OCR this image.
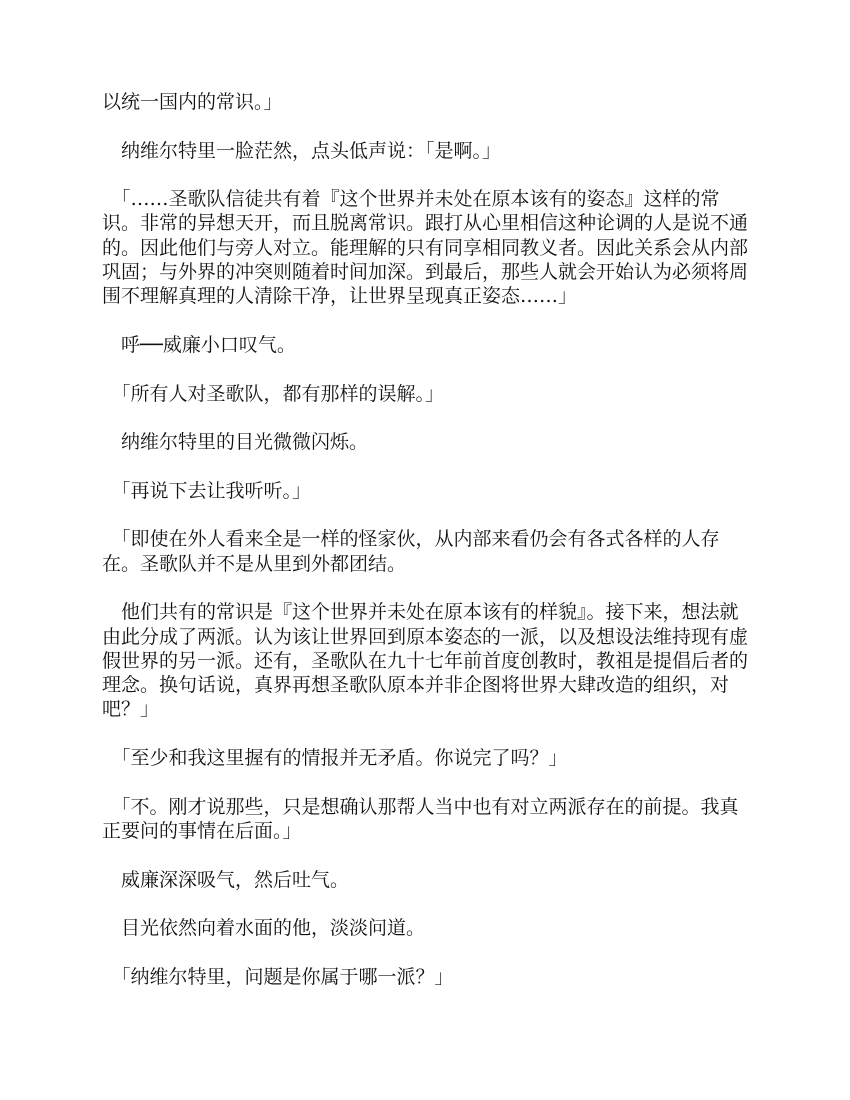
以统一国内的常识。」

　纳维尔特里一脸茫然，点头低声说：「是啊。」

　「……圣歌队信徒共有着『这个世界并未处在原本该有的姿态』这样的常识。非常的异想天开，而且脱离常识。跟打从心里相信这种论调的人是说不通的。因此他们与旁人对立。能理解的只有同享相同教义者。因此关系会从内部巩固；与外界的冲突则随着时间加深。到最后，那些人就会开始认为必须将周围不理解真理的人清除干净，让世界呈现真正姿态……」

　呼──威廉小口叹气。

　「所有人对圣歌队，都有那样的误解。」

　纳维尔特里的目光微微闪烁。

　「再说下去让我听听。」

　「即使在外人看来全是一样的怪家伙，从内部来看仍会有各式各样的人存在。圣歌队并不是从里到外都团结。

　他们共有的常识是『这个世界并未处在原本该有的样貌』。接下来，想法就由此分成了两派。认为该让世界回到原本姿态的一派，以及想设法维持现有虚假世界的另一派。还有，圣歌队在九十七年前首度创教时，教祖是提倡后者的理念。换句话说，真界再想圣歌队原本并非企图将世界大肆改造的组织，对吧？」

　「至少和我这里握有的情报并无矛盾。你说完了吗？」

　「不。刚才说那些，只是想确认那帮人当中也有对立两派存在的前提。我真正要问的事情在后面。」

　威廉深深吸气，然后吐气。

　目光依然向着水面的他，淡淡问道。

　「纳维尔特里，问题是你属于哪一派？」
